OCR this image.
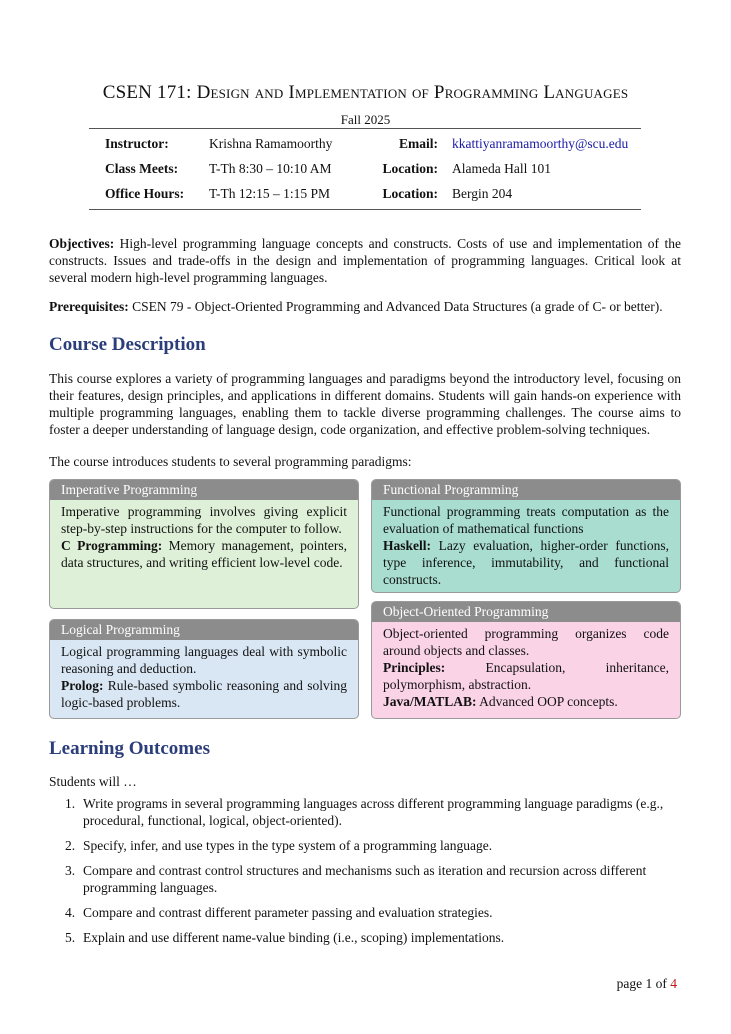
CSEN 171: Design and Implementation of Programming Languages
Fall 2025
Instructor:	Krishna Ramamoorthy	Email: kkattiyanramamoorthy@scu.edu
Class Meets: T-Th 8:30 – 10:10 AM	Location: Alameda Hall 101
Office Hours: T-Th 12:15 – 1:15 PM	Location: Bergin 204
Objectives: High-level programming language concepts and constructs. Costs of use and implementation of the constructs. Issues and trade-offs in the design and implementation of programming languages. Critical look at several modern high-level programming languages.
Prerequisites: CSEN 79 - Object-Oriented Programming and Advanced Data Structures (a grade of C- or better).
Course Description
This course explores a variety of programming languages and paradigms beyond the introductory level, focusing on their features, design principles, and applications in different domains. Students will gain hands-on experience with multiple programming languages, enabling them to tackle diverse programming challenges. The course aims to foster a deeper understanding of language design, code organization, and effective problem-solving techniques.
The course introduces students to several programming paradigms:
Imperative Programming
Imperative programming involves giving explicit step-by-step instructions for the computer to follow.
C Programming: Memory management, pointers, data structures, and writing efficient low-level code.
Functional Programming
Functional programming treats computation as the evaluation of mathematical functions
Haskell: Lazy evaluation, higher-order functions, type inference, immutability, and functional constructs.
Logical Programming
Logical programming languages deal with symbolic reasoning and deduction.
Prolog: Rule-based symbolic reasoning and solving logic-based problems.
Object-Oriented Programming
Object-oriented programming organizes code around objects and classes.
Principles: Encapsulation, inheritance, polymorphism, abstraction.
Java/MATLAB: Advanced OOP concepts.
Learning Outcomes
Students will …
1. Write programs in several programming languages across different programming language paradigms (e.g., procedural, functional, logical, object-oriented).
2. Specify, infer, and use types in the type system of a programming language.
3. Compare and contrast control structures and mechanisms such as iteration and recursion across different programming languages.
4. Compare and contrast different parameter passing and evaluation strategies.
5. Explain and use different name-value binding (i.e., scoping) implementations.
page 1 of 4
